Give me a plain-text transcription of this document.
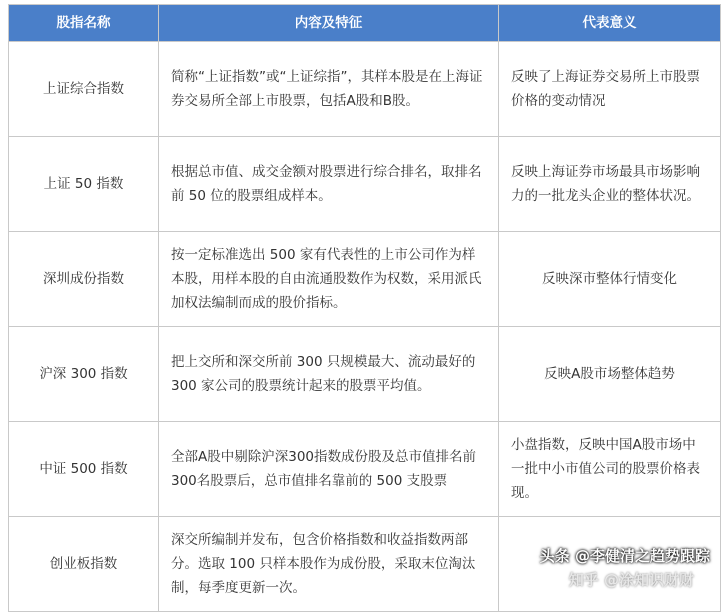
股指名称	内容及特征	代表意义
上证综合指数
简称“上证指数”或“上证综指”，其样本股是在上海证券交易所全部上市股票，包括A股和B股。
反映了上海证券交易所上市股票价格的变动情况
上证 50 指数
根据总市值、成交金额对股票进行综合排名，取排名前 50 位的股票组成样本。
反映上海证券市场最具市场影响力的一批龙头企业的整体状况。
深圳成份指数
按一定标准选出 500 家有代表性的上市公司作为样本股，用样本股的自由流通股数作为权数，采用派氏加权法编制而成的股价指标。
反映深市整体行情变化
沪深 300 指数
把上交所和深交所前 300 只规模最大、流动最好的 300 家公司的股票统计起来的股票平均值。
反映A股市场整体趋势
中证 500 指数
全部A股中剔除沪深300指数成份股及总市值排名前300名股票后，总市值排名靠前的 500 支股票
小盘指数，反映中国A股市场中一批中小市值公司的股票价格表现。
创业板指数
深交所编制并发布，包含价格指数和收益指数两部分。选取 100 只样本股作为成份股，采取末位淘汰制，每季度更新一次。
头条 @李健清之趋势跟踪
知乎 @涂知识财财
